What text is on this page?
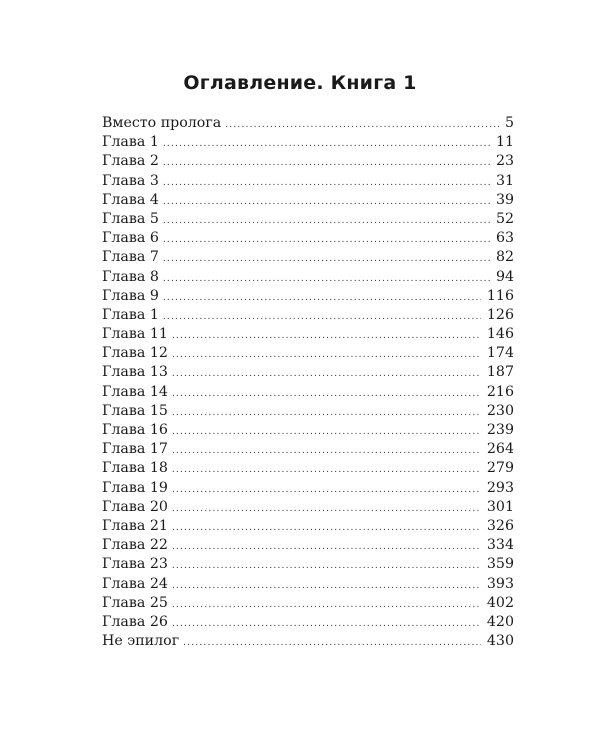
Оглавление. Книга 1
Вместо пролога .....	5
Глава 1 .....	11
Глава 2 .....	23
Глава 3 .....	31
Глава 4 .....	39
Глава 5 .....	52
Глава 6 .....	63
Глава 7 .....	82
Глава 8 .....	94
Глава 9 .....	116
Глава 1 .....	126
Глава 11 .....	146
Глава 12 .....	174
Глава 13 .....	187
Глава 14 .....	216
Глава 15 .....	230
Глава 16 .....	239
Глава 17 .....	264
Глава 18 .....	279
Глава 19 .....	293
Глава 20 .....	301
Глава 21 .....	326
Глава 22 .....	334
Глава 23 .....	359
Глава 24 .....	393
Глава 25 .....	402
Глава 26 .....	420
Не эпилог .....	430
